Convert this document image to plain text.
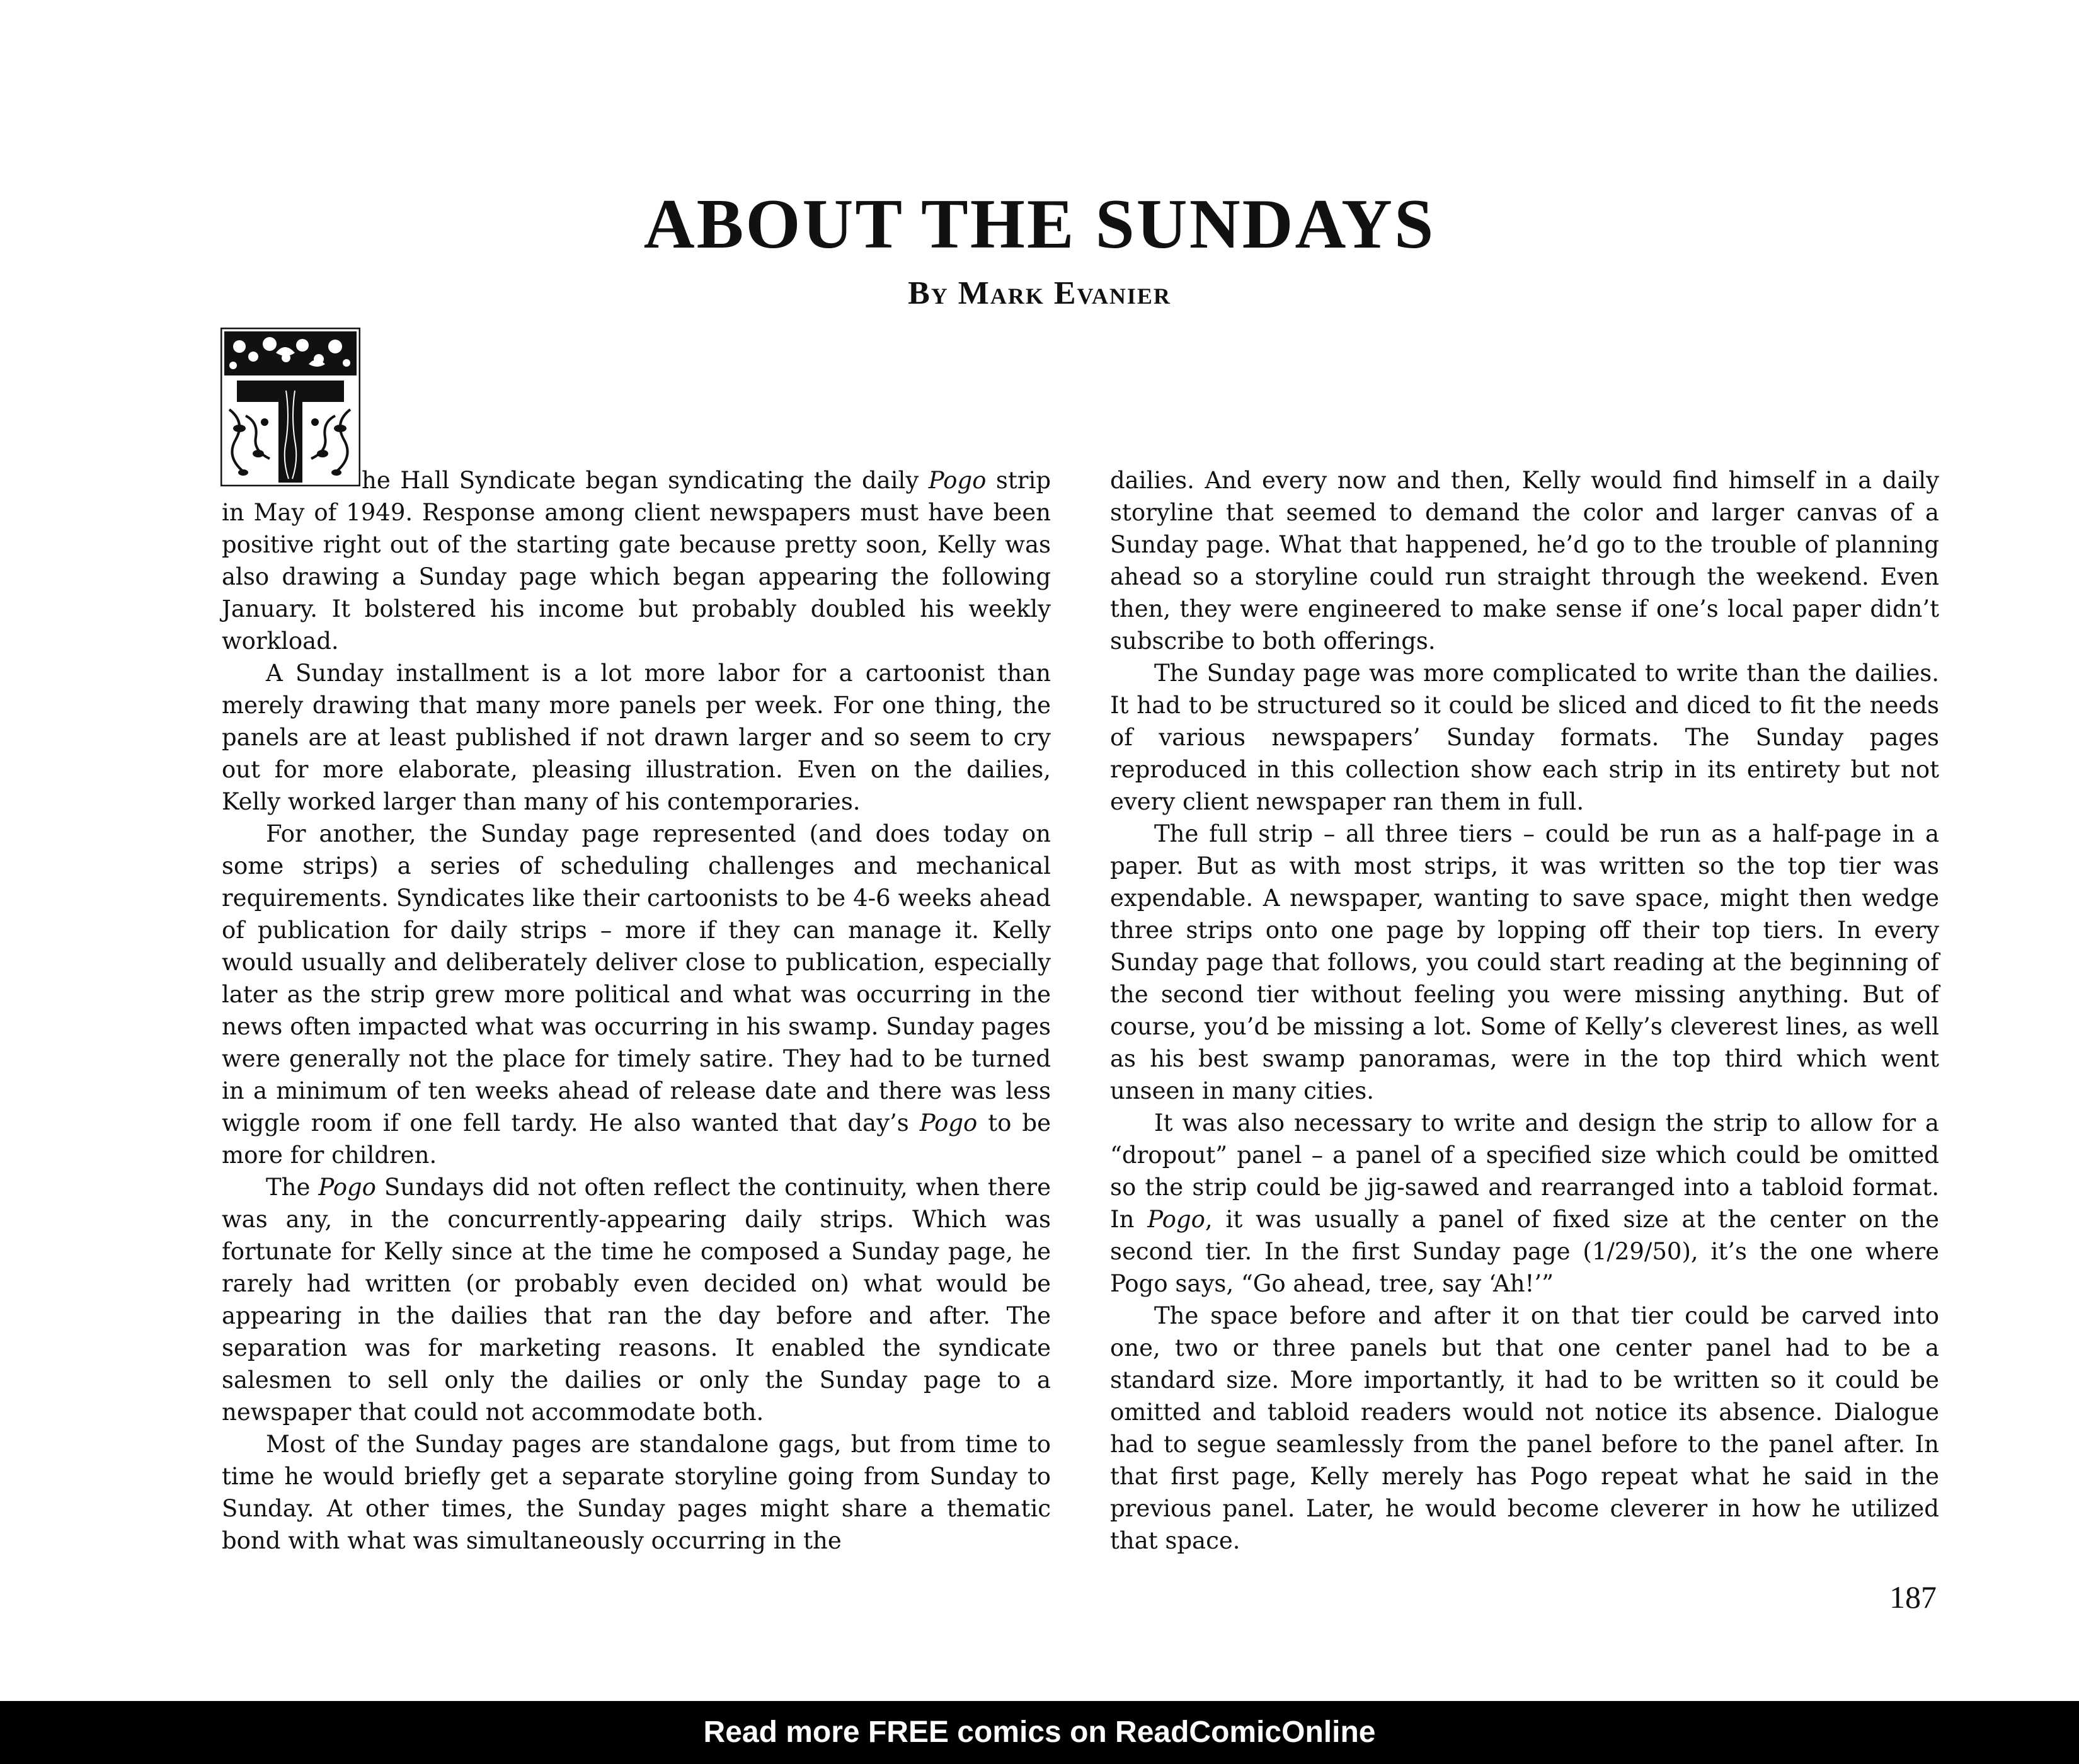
ABOUT THE SUNDAYS
By Mark Evanier

he Hall Syndicate began syndicating the daily Pogo strip in May of 1949. Response among client newspapers must have been positive right out of the starting gate because pretty soon, Kelly was also drawing a Sunday page which began appearing the following January. It bolstered his income but probably doubled his weekly workload.

A Sunday installment is a lot more labor for a cartoonist than merely drawing that many more panels per week. For one thing, the panels are at least published if not drawn larger and so seem to cry out for more elaborate, pleasing illustration. Even on the dailies, Kelly worked larger than many of his contemporaries.

For another, the Sunday page represented (and does today on some strips) a series of scheduling challenges and mechanical requirements. Syndicates like their cartoonists to be 4-6 weeks ahead of publication for daily strips – more if they can manage it. Kelly would usually and deliberately deliver close to publication, especially later as the strip grew more political and what was occurring in the news often impacted what was occurring in his swamp. Sunday pages were generally not the place for timely satire. They had to be turned in a minimum of ten weeks ahead of release date and there was less wiggle room if one fell tardy. He also wanted that day’s Pogo to be more for children.

The Pogo Sundays did not often reflect the continuity, when there was any, in the concurrently-appearing daily strips. Which was fortunate for Kelly since at the time he composed a Sunday page, he rarely had written (or probably even decided on) what would be appearing in the dailies that ran the day before and after. The separation was for marketing reasons. It enabled the syndicate salesmen to sell only the dailies or only the Sunday page to a newspaper that could not accommodate both.

Most of the Sunday pages are standalone gags, but from time to time he would briefly get a separate storyline going from Sunday to Sunday. At other times, the Sunday pages might share a thematic bond with what was simultaneously occurring in the

dailies. And every now and then, Kelly would find himself in a daily storyline that seemed to demand the color and larger canvas of a Sunday page. What that happened, he’d go to the trouble of planning ahead so a storyline could run straight through the weekend. Even then, they were engineered to make sense if one’s local paper didn’t subscribe to both offerings.

The Sunday page was more complicated to write than the dailies. It had to be structured so it could be sliced and diced to fit the needs of various newspapers’ Sunday formats. The Sunday pages reproduced in this collection show each strip in its entirety but not every client newspaper ran them in full.

The full strip – all three tiers – could be run as a half-page in a paper. But as with most strips, it was written so the top tier was expendable. A newspaper, wanting to save space, might then wedge three strips onto one page by lopping off their top tiers. In every Sunday page that follows, you could start reading at the beginning of the second tier without feeling you were missing anything. But of course, you’d be missing a lot. Some of Kelly’s cleverest lines, as well as his best swamp panoramas, were in the top third which went unseen in many cities.

It was also necessary to write and design the strip to allow for a “dropout” panel – a panel of a specified size which could be omitted so the strip could be jig-sawed and rearranged into a tabloid format. In Pogo, it was usually a panel of fixed size at the center on the second tier. In the first Sunday page (1/29/50), it’s the one where Pogo says, “Go ahead, tree, say ‘Ah!’”

The space before and after it on that tier could be carved into one, two or three panels but that one center panel had to be a standard size. More importantly, it had to be written so it could be omitted and tabloid readers would not notice its absence. Dialogue had to segue seamlessly from the panel before to the panel after. In that first page, Kelly merely has Pogo repeat what he said in the previous panel. Later, he would become cleverer in how he utilized that space.

187
Read more FREE comics on ReadComicOnline
